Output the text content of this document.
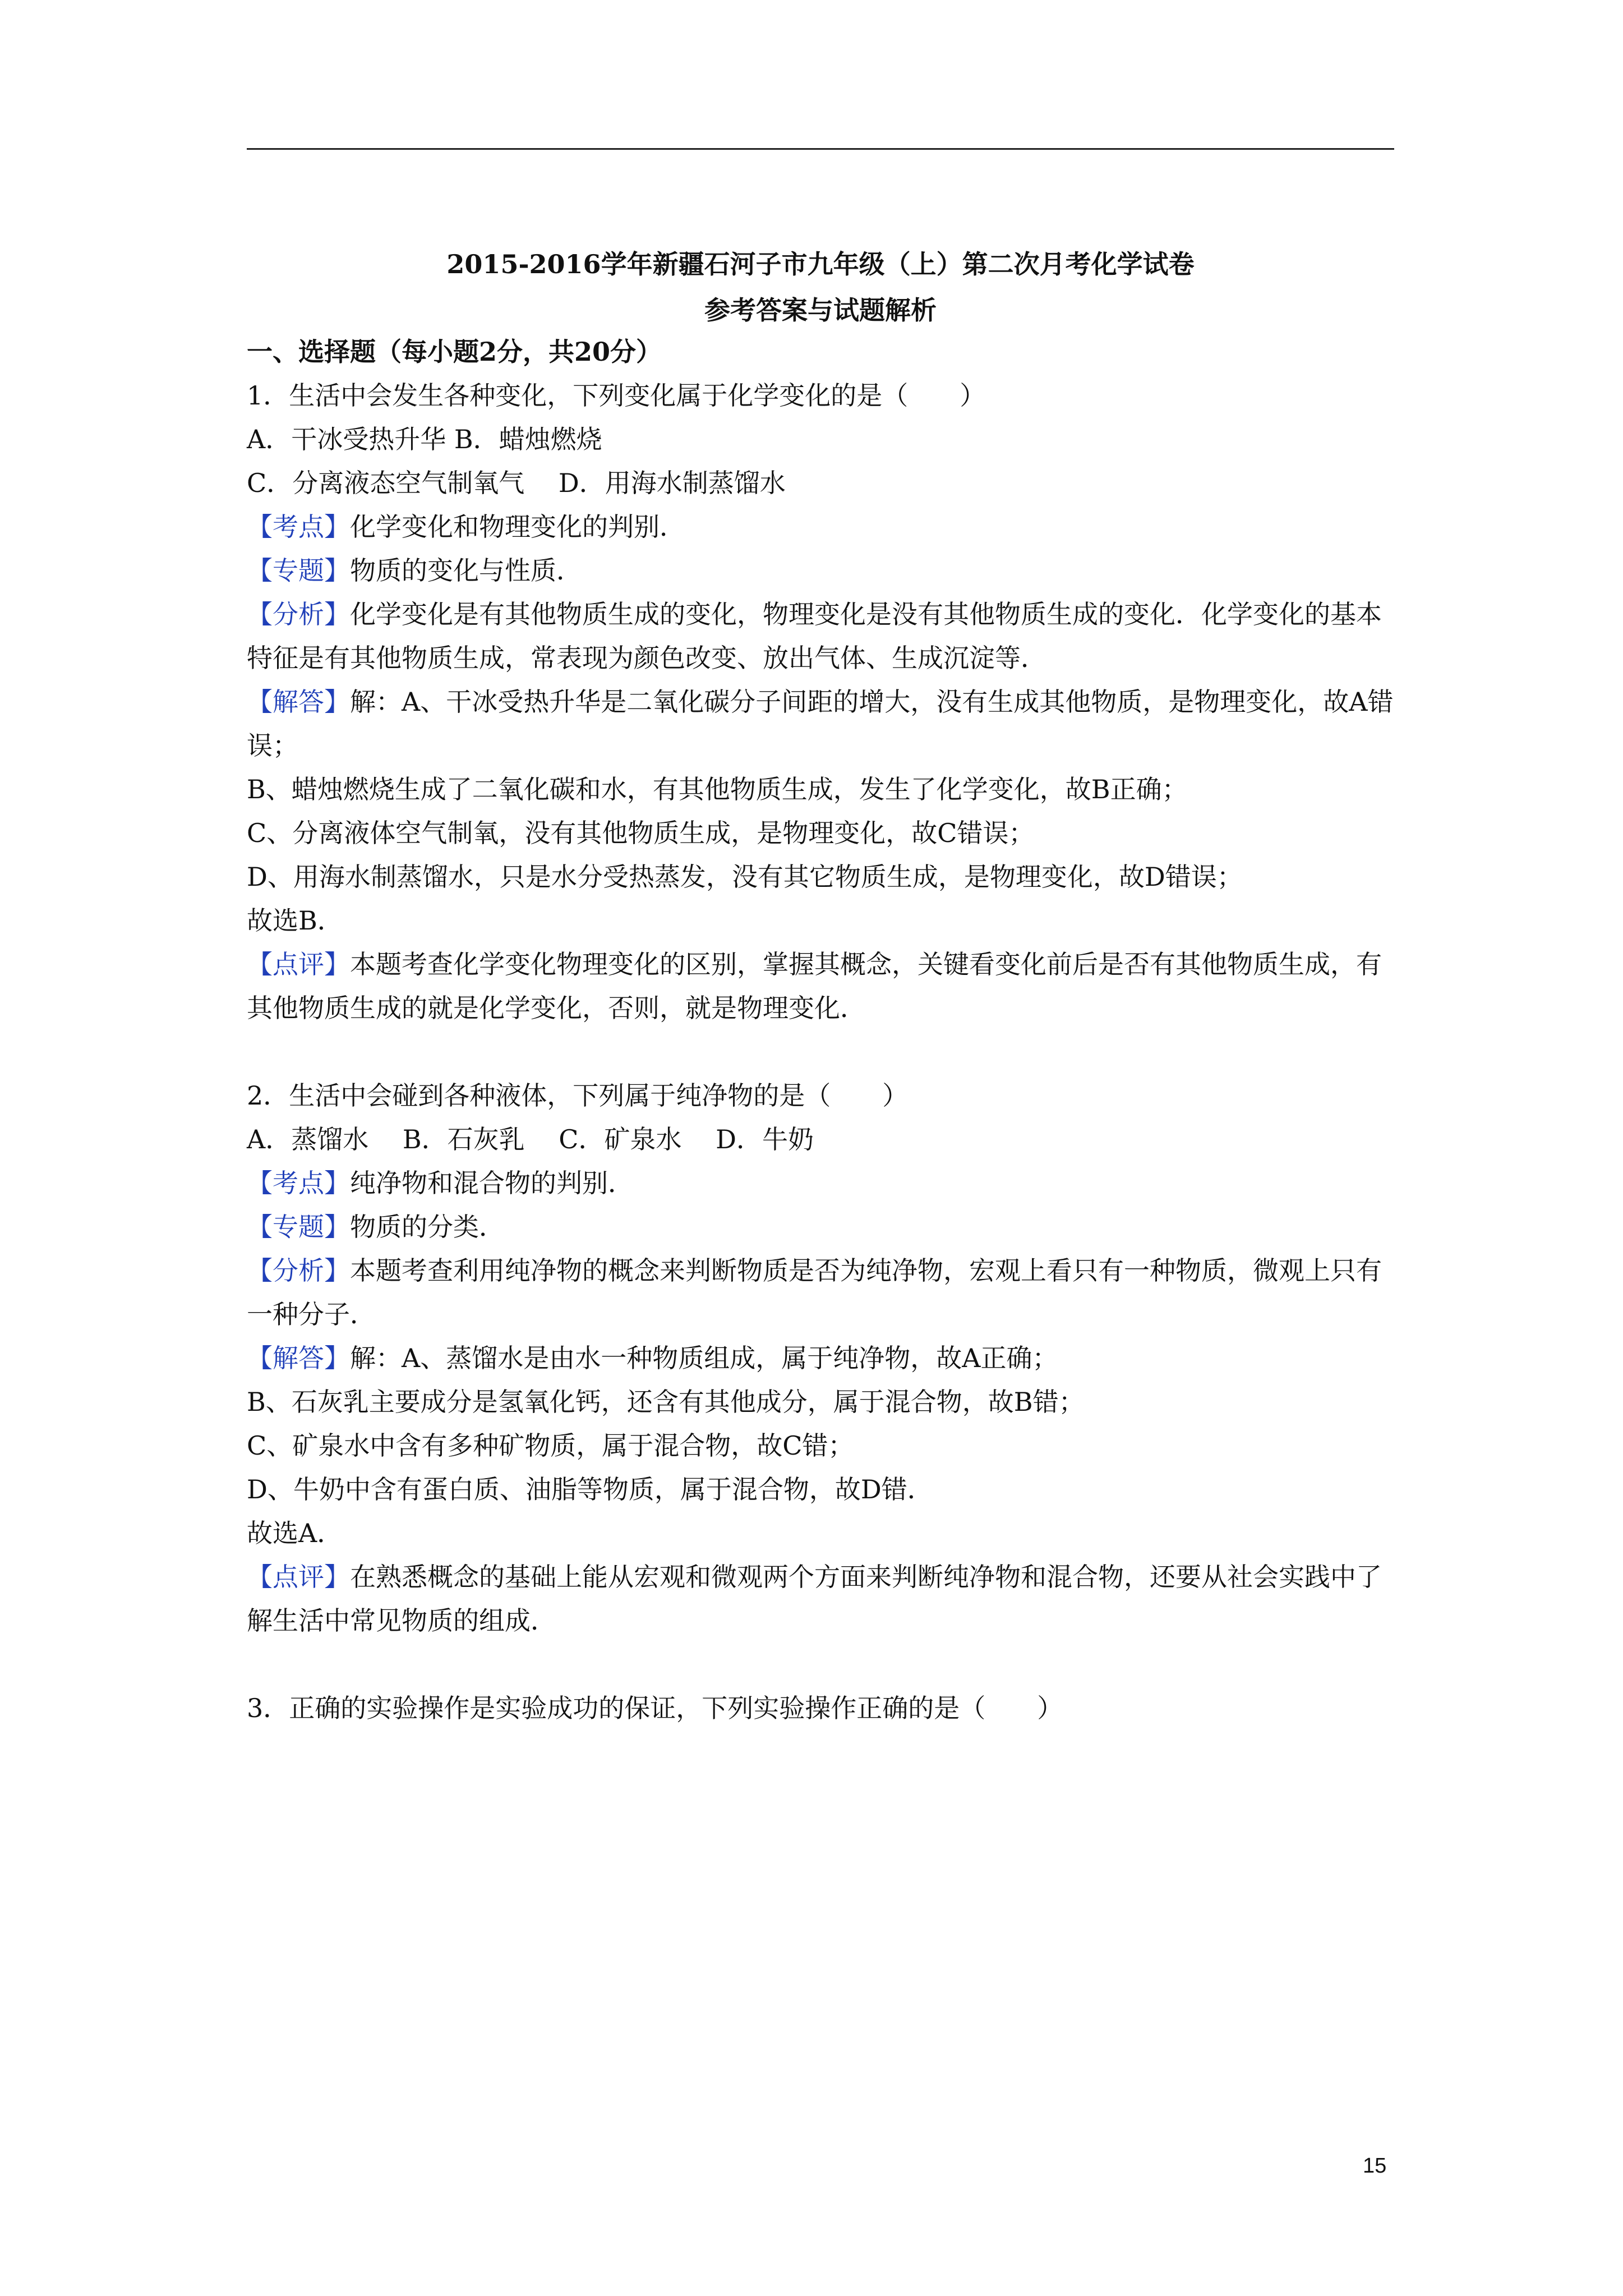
2015-2016学年新疆石河子市九年级（上）第二次月考化学试卷
参考答案与试题解析

一、选择题（每小题2分，共20分）

1．生活中会发生各种变化，下列变化属于化学变化的是（　　）

A．干冰受热升华 B．蜡烛燃烧

C．分离液态空气制氧气　 D．用海水制蒸馏水

【考点】化学变化和物理变化的判别．

【专题】物质的变化与性质．

【分析】化学变化是有其他物质生成的变化，物理变化是没有其他物质生成的变化．化学变化的基本特征是有其他物质生成，常表现为颜色改变、放出气体、生成沉淀等．

【解答】解：A、干冰受热升华是二氧化碳分子间距的增大，没有生成其他物质，是物理变化，故A错误；

B、蜡烛燃烧生成了二氧化碳和水，有其他物质生成，发生了化学变化，故B正确；

C、分离液体空气制氧，没有其他物质生成，是物理变化，故C错误；

D、用海水制蒸馏水，只是水分受热蒸发，没有其它物质生成，是物理变化，故D错误；

故选B．

【点评】本题考查化学变化物理变化的区别，掌握其概念，关键看变化前后是否有其他物质生成，有其他物质生成的就是化学变化，否则，就是物理变化．

2．生活中会碰到各种液体，下列属于纯净物的是（　　）

A．蒸馏水　 B．石灰乳　 C．矿泉水　 D．牛奶

【考点】纯净物和混合物的判别．

【专题】物质的分类．

【分析】本题考查利用纯净物的概念来判断物质是否为纯净物，宏观上看只有一种物质，微观上只有一种分子．

【解答】解：A、蒸馏水是由水一种物质组成，属于纯净物，故A正确；

B、石灰乳主要成分是氢氧化钙，还含有其他成分，属于混合物，故B错；

C、矿泉水中含有多种矿物质，属于混合物，故C错；

D、牛奶中含有蛋白质、油脂等物质，属于混合物，故D错．

故选A．

【点评】在熟悉概念的基础上能从宏观和微观两个方面来判断纯净物和混合物，还要从社会实践中了解生活中常见物质的组成．

3．正确的实验操作是实验成功的保证，下列实验操作正确的是（　　）

15
